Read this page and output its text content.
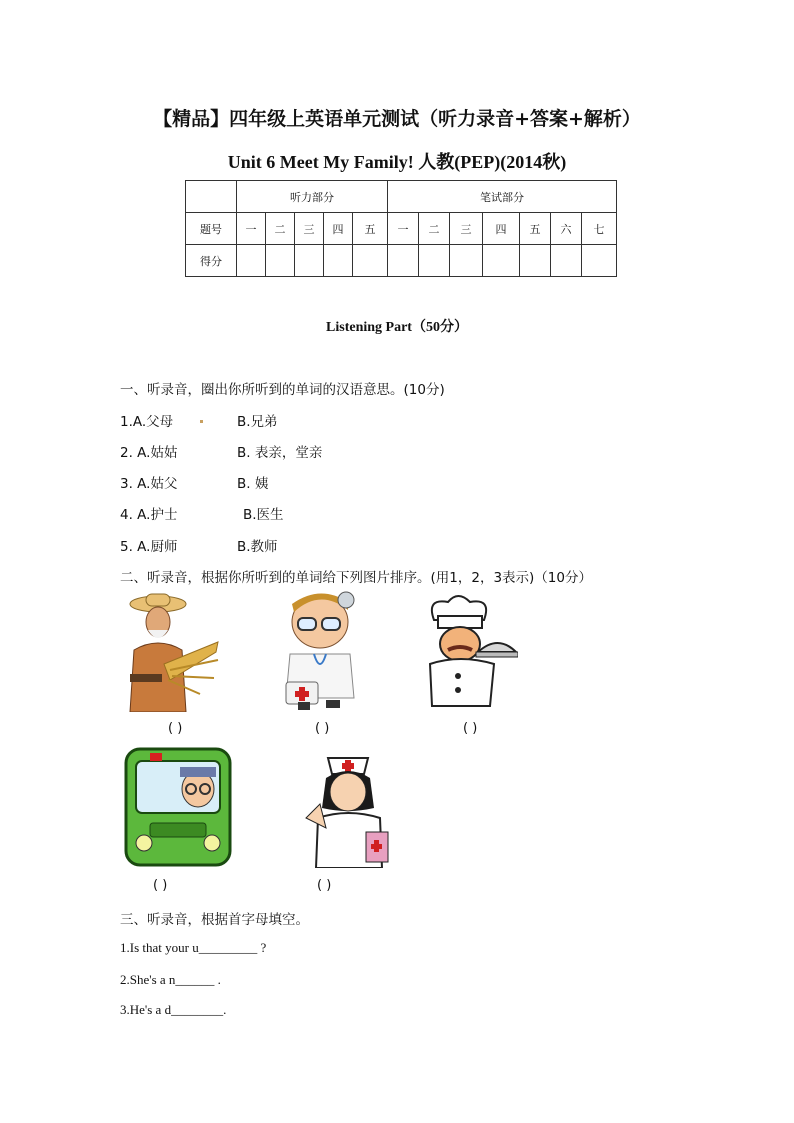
【精品】四年级上英语单元测试（听力录音+答案+解析）
Unit 6 Meet My Family! 人教(PEP)(2014秋)
	听力部分					笔试部分						
题号	一	二	三	四	五	一	二	三	四	五	六	七
得分												
Listening Part（50分）
一、听录音，圈出你所听到的单词的汉语意思。(10分)
1.A.父母	B.兄弟
2. A.姑姑	B. 表亲，堂亲
3. A.姑父	B. 姨
4. A.护士	B.医生
5. A.厨师	B.教师
二、听录音，根据你所听到的单词给下列图片排序。(用1，2，3表示)（10分）
( )	( )	( )
( )	( )
三、听录音，根据首字母填空。
1.Is that your u_________ ?
2.She's a n______ .
3.He's a d________.
